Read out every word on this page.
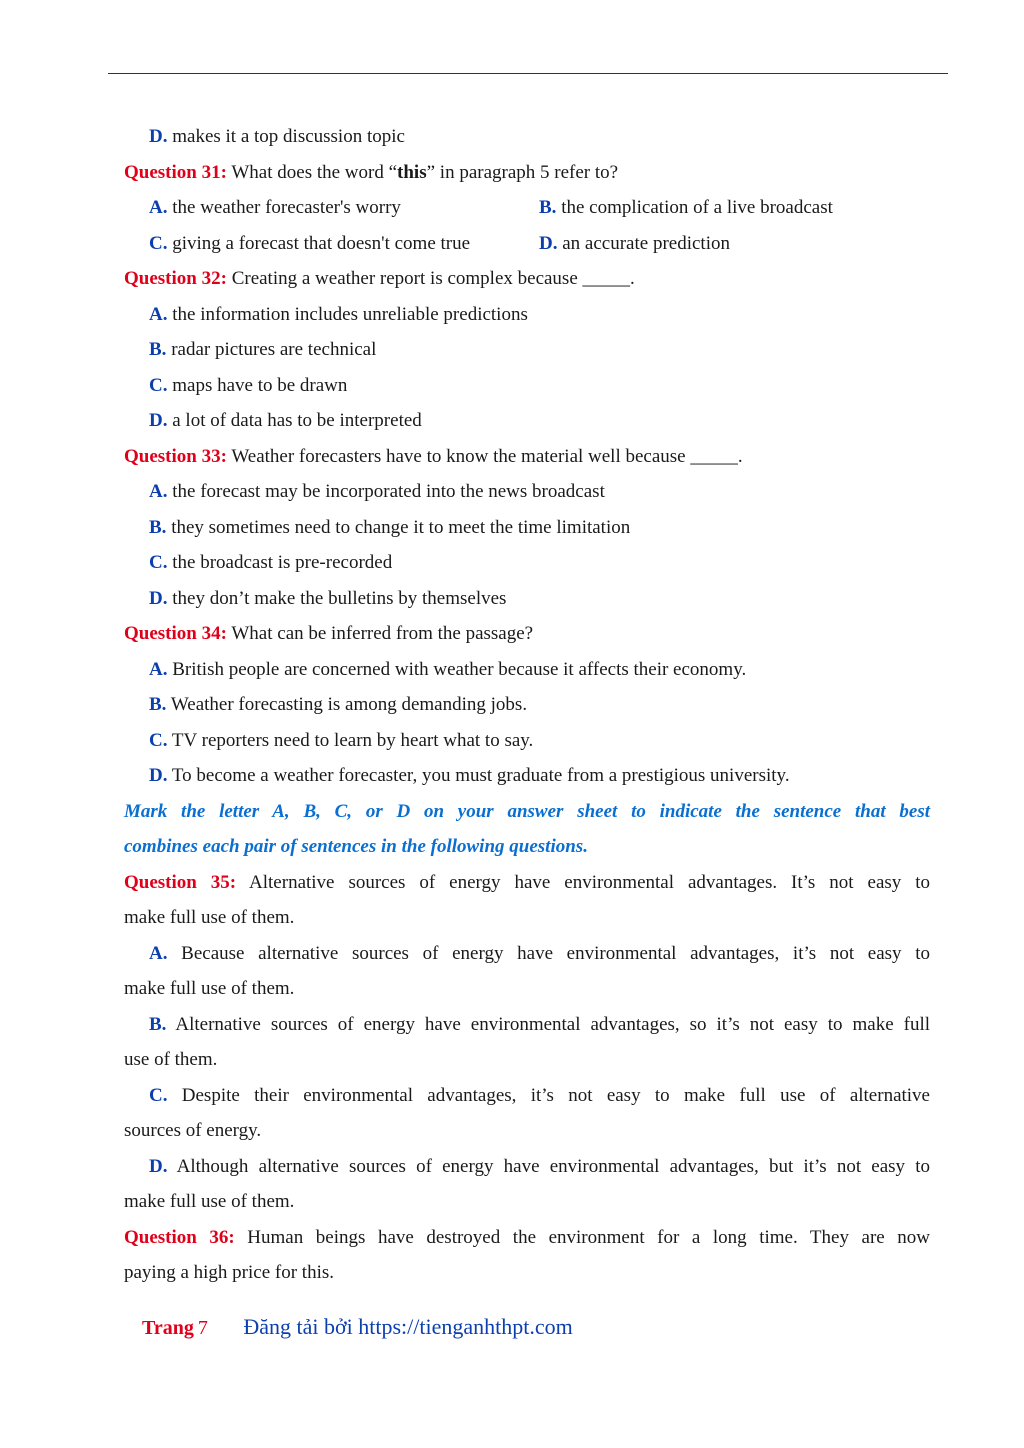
D. makes it a top discussion topic
Question 31: What does the word “this” in paragraph 5 refer to?
A. the weather forecaster's worry	B. the complication of a live broadcast
C. giving a forecast that doesn't come true	D. an accurate prediction
Question 32: Creating a weather report is complex because _____.
A. the information includes unreliable predictions
B. radar pictures are technical
C. maps have to be drawn
D. a lot of data has to be interpreted
Question 33: Weather forecasters have to know the material well because _____.
A. the forecast may be incorporated into the news broadcast
B. they sometimes need to change it to meet the time limitation
C. the broadcast is pre-recorded
D. they don’t make the bulletins by themselves
Question 34: What can be inferred from the passage?
A. British people are concerned with weather because it affects their economy.
B. Weather forecasting is among demanding jobs.
C. TV reporters need to learn by heart what to say.
D. To become a weather forecaster, you must graduate from a prestigious university.
Mark the letter A, B, C, or D on your answer sheet to indicate the sentence that best
combines each pair of sentences in the following questions.
Question 35: Alternative sources of energy have environmental advantages. It’s not easy to
make full use of them.
A. Because alternative sources of energy have environmental advantages, it’s not easy to
make full use of them.
B. Alternative sources of energy have environmental advantages, so it’s not easy to make full
use of them.
C. Despite their environmental advantages, it’s not easy to make full use of alternative
sources of energy.
D. Although alternative sources of energy have environmental advantages, but it’s not easy to
make full use of them.
Question 36: Human beings have destroyed the environment for a long time. They are now
paying a high price for this.
Trang 7 Đăng tải bởi https://tienganhthpt.com
